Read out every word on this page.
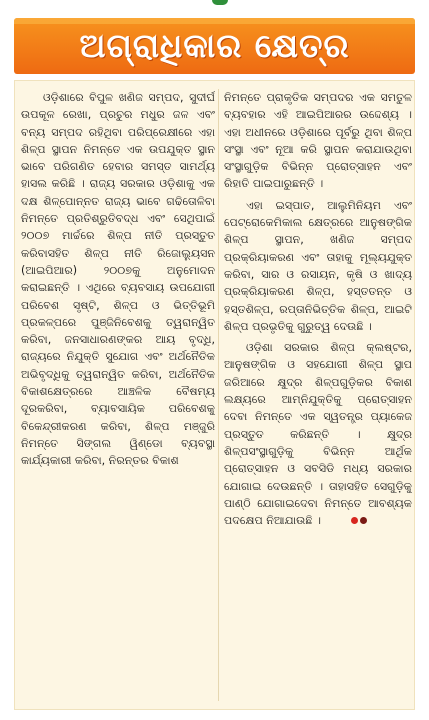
ଅଗ୍ରାଧିକାର କ୍ଷେତ୍ର

ଓଡ଼ିଶାରେ ବିପୁଳ ଖଣିଜ ସମ୍ପଦ, ସୁଦୀର୍ଘ ଉପକୂଳ ରେଖା, ପ୍ରଚୁର ମଧୁର ଜଳ ଏବଂ ବନ୍ୟ ସମ୍ପଦ ରହିଥିବା ପରିପ୍ରେକ୍ଷୀରେ ଏହା ଶିଳ୍ପ ସ୍ଥାପନ ନିମନ୍ତେ ଏକ ଉପଯୁକ୍ତ ସ୍ଥାନ ଭାବେ ପରିଗଣିତ ହେବାର ସମସ୍ତ ସାମର୍ଥ୍ୟ ହାସଲ କରିଛି । ରାଜ୍ୟ ସରକାର ଓଡ଼ିଶାକୁ ଏକ ଦକ୍ଷ ଶିଳ୍ପୋନ୍ନତ ରାଜ୍ୟ ଭାବେ ଗଢିତୋଳିବା ନିମନ୍ତେ ପ୍ରତିଶ୍ରୁତିବଦ୍ଧ ଏବଂ ସେଥିପାଇଁ ୨୦୦୭ ମାର୍ଚ୍ଚରେ ଶିଳ୍ପ ନୀତି ପ୍ରସ୍ତୁତ କରିବାସହିତ ଶିଳ୍ପ ନୀତି ରିଜୋଲ୍ୟୁସନ (ଆଇପିଆର) ୨୦୦୭କୁ ଅନୁମୋଦନ କରାଇଛନ୍ତି । ଏଥିରେ ବ୍ୟବସାୟ ଉପଯୋଗୀ ପରିବେଶ ସୃଷ୍ଟି, ଶିଳ୍ପ ଓ ଭିତ୍ତିଭୂମି ପ୍ରକଳ୍ପରେ ପୁଞ୍ଜିନିବେଶକୁ ତ୍ୱରାନ୍ୱିତ କରିବା, ଜନସାଧାରଣଙ୍କର ଆୟ ବୃଦ୍ଧି, ରାଜ୍ୟରେ ନିଯୁକ୍ତି ସୁଯୋଗ ଏବଂ ଅର୍ଥନୈତିକ ଅଭିବୃଦ୍ଧିକୁ ତ୍ୱରାନ୍ୱିତ କରିବା, ଅର୍ଥନୈତିକ ବିକାଶକ୍ଷେତ୍ରରେ ଆଞ୍ଚଳିକ ବୈଷମ୍ୟ ଦୂରକରିବା, ବ୍ୟାବସାୟିକ ପରିବେଶକୁ ବିକେନ୍ଦ୍ରୀକରଣ କରିବା, ଶିଳ୍ପ ମଞ୍ଜୁରି ନିମନ୍ତେ ସିଙ୍ଗଲ ୱିଣ୍ଡୋ ବ୍ୟବସ୍ଥା କାର୍ଯ୍ୟକାରୀ କରିବା, ନିରନ୍ତର ବିକାଶ

ନିମନ୍ତେ ପ୍ରାକୃତିକ ସମ୍ପଦର ଏକ ସମତୁଳ ବ୍ୟବହାର ଏହି ଆଇପିଆରର ଉଦ୍ଦେଶ୍ୟ । ଏହା ଅଧୀନରେ ଓଡ଼ିଶାରେ ପୂର୍ବରୁ ଥିବା ଶିଳ୍ପ ସଂସ୍ଥା ଏବଂ ନୂଆ କରି ସ୍ଥାପନ କରାଯାଉଥିବା ସଂସ୍ଥାଗୁଡ଼ିକ ବିଭିନ୍ନ ପ୍ରୋତ୍ସାହନ ଏବଂ ରିହାତି ପାଇପାରୁଛନ୍ତି ।

ଏହା ଇସ୍ପାତ, ଆଲୁମିନିୟମ ଏବଂ ପେଟ୍ରୋକେମିକାଲ କ୍ଷେତ୍ରରେ ଆନୁଷଙ୍ଗିକ ଶିଳ୍ପ ସ୍ଥାପନ, ଖଣିଜ ସମ୍ପଦ ପ୍ରକ୍ରିୟାକରଣ ଏବଂ ତାହାକୁ ମୂଲ୍ୟଯୁକ୍ତ କରିବା, ସାର ଓ ରସାୟନ, କୃଷି ଓ ଖାଦ୍ୟ ପ୍ରକ୍ରିୟାକରଣ ଶିଳ୍ପ, ହସ୍ତତନ୍ତ ଓ ହସ୍ତଶିଳ୍ପ, ରପ୍ତାନିଭିତ୍ତିକ ଶିଳ୍ପ, ଆଇଟି ଶିଳ୍ପ ପ୍ରଭୃତିକୁ ଗୁରୁତ୍ୱ ଦେଉଛି ।

ଓଡ଼ିଶା ସରକାର ଶିଳ୍ପ କ୍ଲଷ୍ଟର, ଆନୁଷଙ୍ଗିକ ଓ ସହଯୋଗୀ ଶିଳ୍ପ ସ୍ଥାପ ଜରିଆରେ କ୍ଷୁଦ୍ର ଶିଳ୍ପଗୁଡ଼ିକର ବିକାଶ ଲକ୍ଷ୍ୟରେ ଆମ୍ନିଯୁକ୍ତିକୁ ପ୍ରୋତ୍ସାହନ ଦେବା ନିମନ୍ତେ ଏକ ସ୍ୱତନ୍ତ୍ର ପ୍ୟାକେଜ ପ୍ରସ୍ତୁତ କରିଛନ୍ତି । କ୍ଷୁଦ୍ର ଶିଳ୍ପସଂସ୍ଥାଗୁଡ଼ିକୁ ବିଭିନ୍ନ ଆର୍ଥିକ ପ୍ରୋତ୍ସାହନ ଓ ସବସିଡି ମଧ୍ୟ ସରକାର ଯୋଗାଇ ଦେଉଛନ୍ତି । ତାହାସହିତ ସେଗୁଡ଼ିକୁ ପାଣ୍ଠି ଯୋଗାଇଦେବା ନିମନ୍ତେ ଆବଶ୍ୟକ ପଦକ୍ଷେପ ନିଆଯାଉଛି ।
